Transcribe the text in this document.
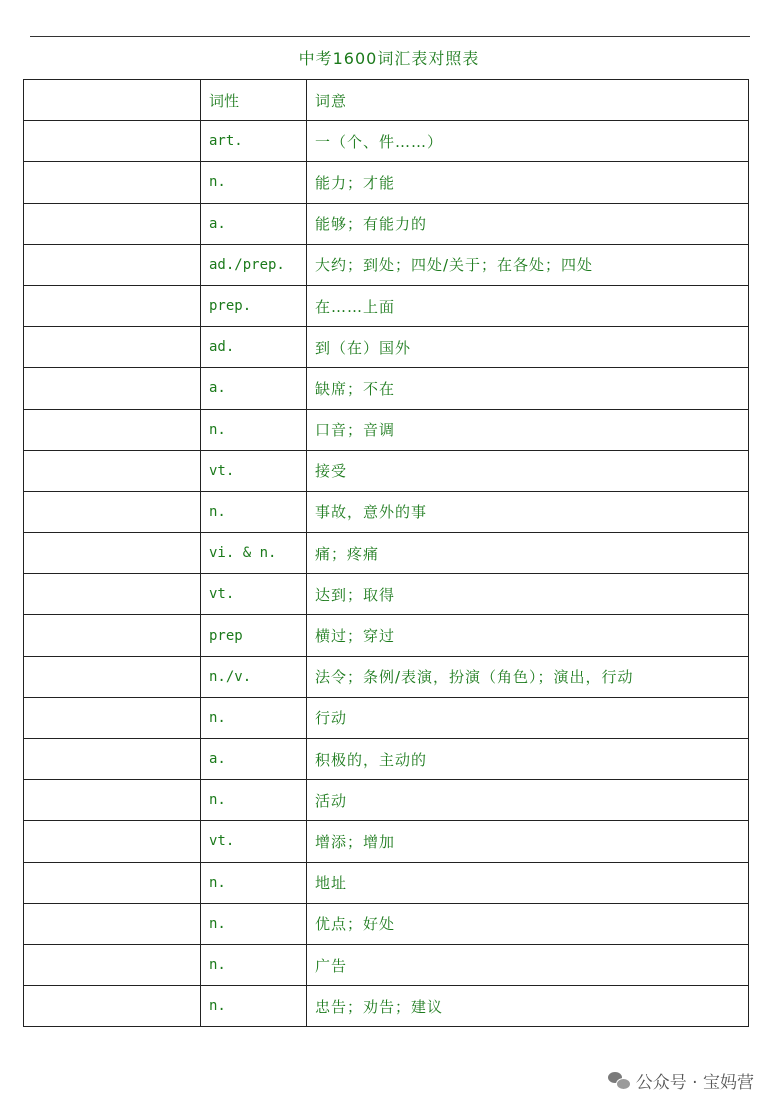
中考1600词汇表对照表
	词性	词意
	art.	一（个、件……）
	n.	能力；才能
	a.	能够；有能力的
	ad./prep.	大约；到处；四处/关于；在各处；四处
	prep.	在……上面
	ad.	到（在）国外
	a.	缺席；不在
	n.	口音；音调
	vt.	接受
	n.	事故，意外的事
	vi. & n.	痛；疼痛
	vt.	达到；取得
	prep	横过；穿过
	n./v.	法令；条例/表演，扮演（角色）；演出，行动
	n.	行动
	a.	积极的，主动的
	n.	活动
	vt.	增添；增加
	n.	地址
	n.	优点；好处
	n.	广告
	n.	忠告；劝告；建议
公众号 · 宝妈营
